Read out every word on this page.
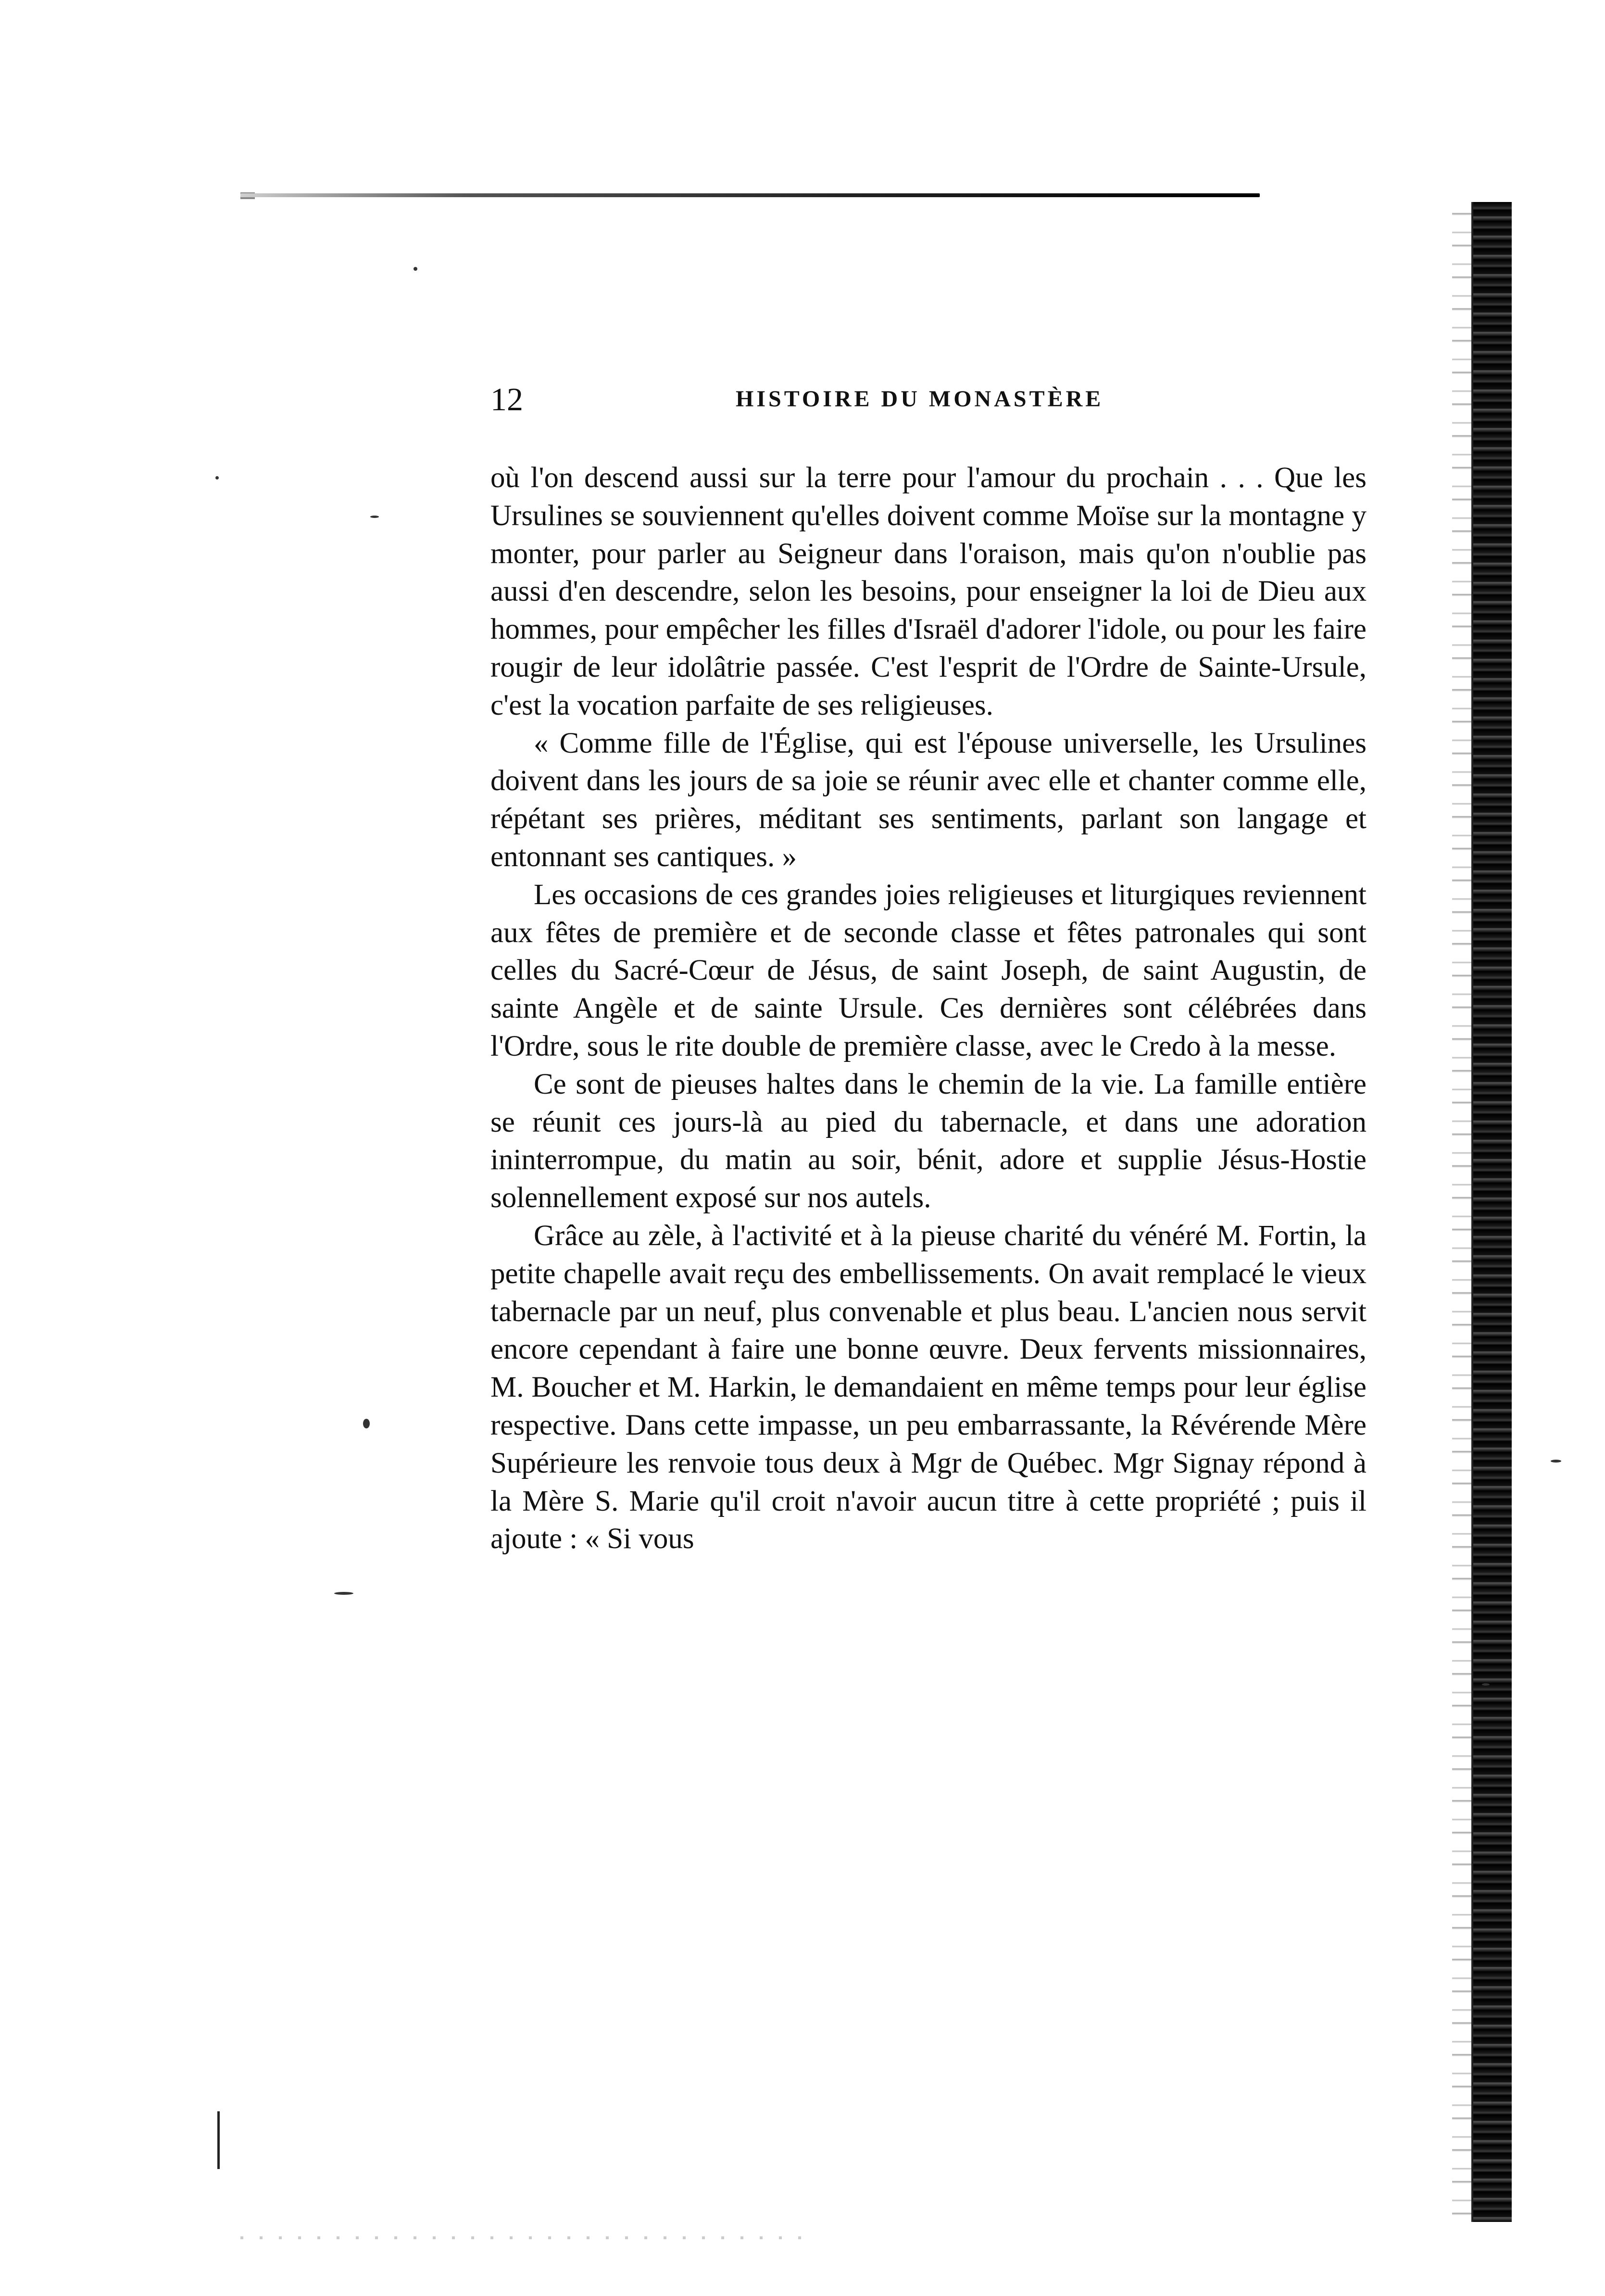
12	HISTOIRE DU MONASTÈRE

où l'on descend aussi sur la terre pour l'amour du prochain . . . Que les Ursulines se souviennent qu'elles doivent comme Moïse sur la montagne y monter, pour parler au Seigneur dans l'oraison, mais qu'on n'oublie pas aussi d'en descendre, selon les besoins, pour enseigner la loi de Dieu aux hommes, pour empêcher les filles d'Israël d'adorer l'idole, ou pour les faire rougir de leur idolâtrie passée. C'est l'esprit de l'Ordre de Sainte-Ursule, c'est la vocation parfaite de ses religieuses.

« Comme fille de l'Église, qui est l'épouse universelle, les Ursulines doivent dans les jours de sa joie se réunir avec elle et chanter comme elle, répétant ses prières, méditant ses sentiments, parlant son langage et entonnant ses cantiques. »

Les occasions de ces grandes joies religieuses et liturgiques reviennent aux fêtes de première et de seconde classe et fêtes patronales qui sont celles du Sacré-Cœur de Jésus, de saint Joseph, de saint Augustin, de sainte Angèle et de sainte Ursule. Ces dernières sont célébrées dans l'Ordre, sous le rite double de première classe, avec le Credo à la messe.

Ce sont de pieuses haltes dans le chemin de la vie. La famille entière se réunit ces jours-là au pied du tabernacle, et dans une adoration ininterrompue, du matin au soir, bénit, adore et supplie Jésus-Hostie solennellement exposé sur nos autels.

Grâce au zèle, à l'activité et à la pieuse charité du vénéré M. Fortin, la petite chapelle avait reçu des embellissements. On avait remplacé le vieux tabernacle par un neuf, plus convenable et plus beau. L'ancien nous servit encore cependant à faire une bonne œuvre. Deux fervents missionnaires, M. Boucher et M. Harkin, le demandaient en même temps pour leur église respective. Dans cette impasse, un peu embarrassante, la Révérende Mère Supérieure les renvoie tous deux à Mgr de Québec. Mgr Signay répond à la Mère S. Marie qu'il croit n'avoir aucun titre à cette propriété ; puis il ajoute : « Si vous
